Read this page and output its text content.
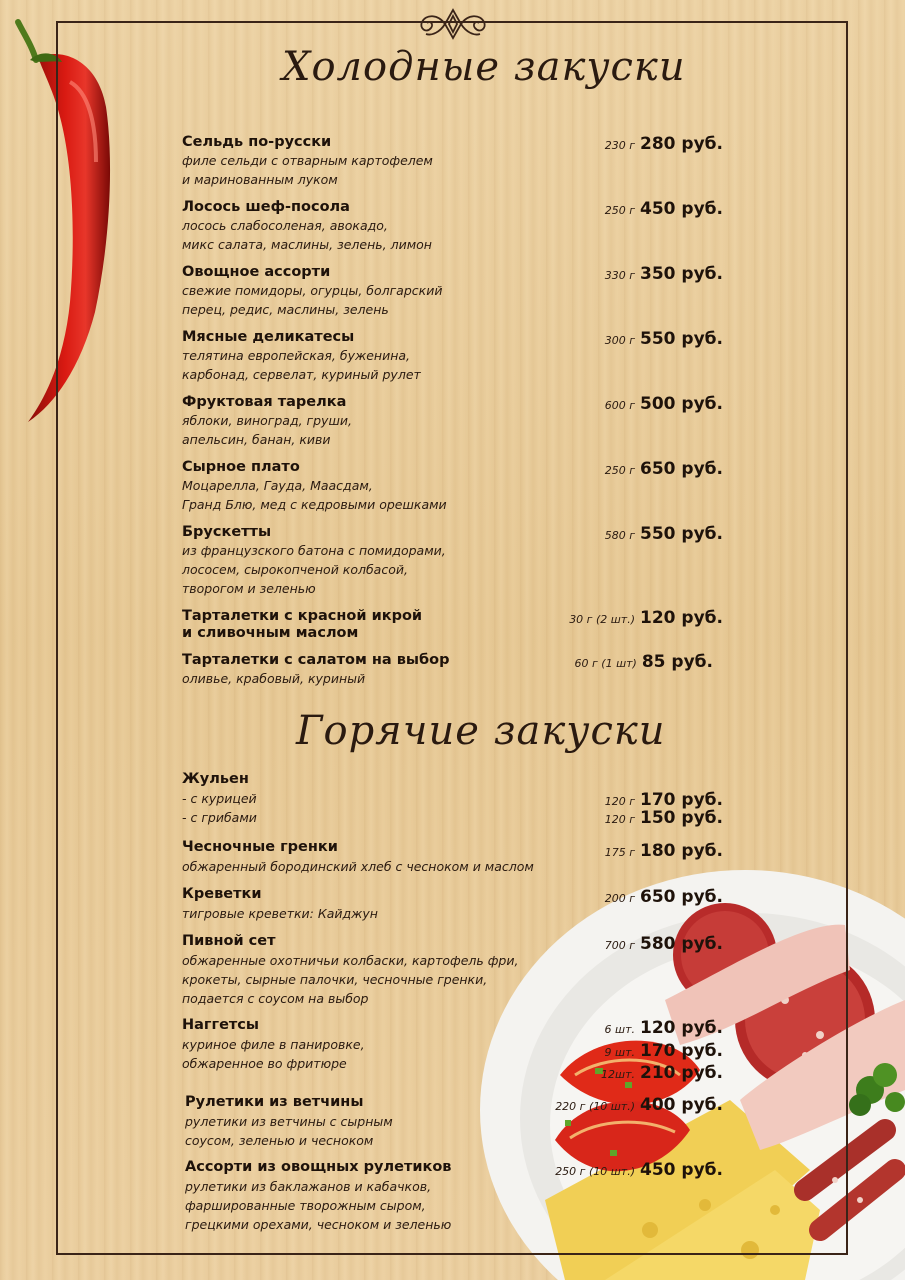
Холодные закуски
Горячие закуски
Сельдь по-русски
филе сельди с отварным картофелем
и маринованным луком
230 г 280 руб.
Лосось шеф-посола
лосось слабосоленая, авокадо,
микс салата, маслины, зелень, лимон
250 г 450 руб.
Овощное ассорти
свежие помидоры, огурцы, болгарский
перец, редис, маслины, зелень
330 г 350 руб.
Мясные деликатесы
телятина европейская, буженина,
карбонад, сервелат, куриный рулет
300 г 550 руб.
Фруктовая тарелка
яблоки, виноград, груши,
апельсин, банан, киви
600 г 500 руб.
Сырное плато
Моцарелла, Гауда, Маасдам,
Гранд Блю, мед с кедровыми орешками
250 г 650 руб.
Брускетты
из французского батона с помидорами,
лососем, сырокопченой колбасой,
творогом и зеленью
580 г 550 руб.
Тарталетки с красной икрой
и сливочным маслом
30 г (2 шт.) 120 руб.
Тарталетки с салатом на выбор
оливье, крабовый, куриный
60 г (1 шт) 85 руб.
Жульен
- с курицей
- с грибами
120 г 170 руб.
120 г 150 руб.
Чесночные гренки
обжаренный бородинский хлеб с чесноком и маслом
175 г 180 руб.
Креветки
тигровые креветки: Кайджун
200 г 650 руб.
Пивной сет
обжаренные охотничьи колбаски, картофель фри,
крокеты, сырные палочки, чесночные гренки,
подается с соусом на выбор
700 г 580 руб.
Наггетсы
куриное филе в панировке,
обжаренное во фритюре
6 шт. 120 руб.
9 шт. 170 руб.
12шт. 210 руб.
Рулетики из ветчины
рулетики из ветчины с сырным
соусом, зеленью и чесноком
220 г (10 шт.) 400 руб.
Ассорти из овощных рулетиков
рулетики из баклажанов и кабачков,
фаршированные творожным сыром,
грецкими орехами, чесноком и зеленью
250 г (10 шт.) 450 руб.
